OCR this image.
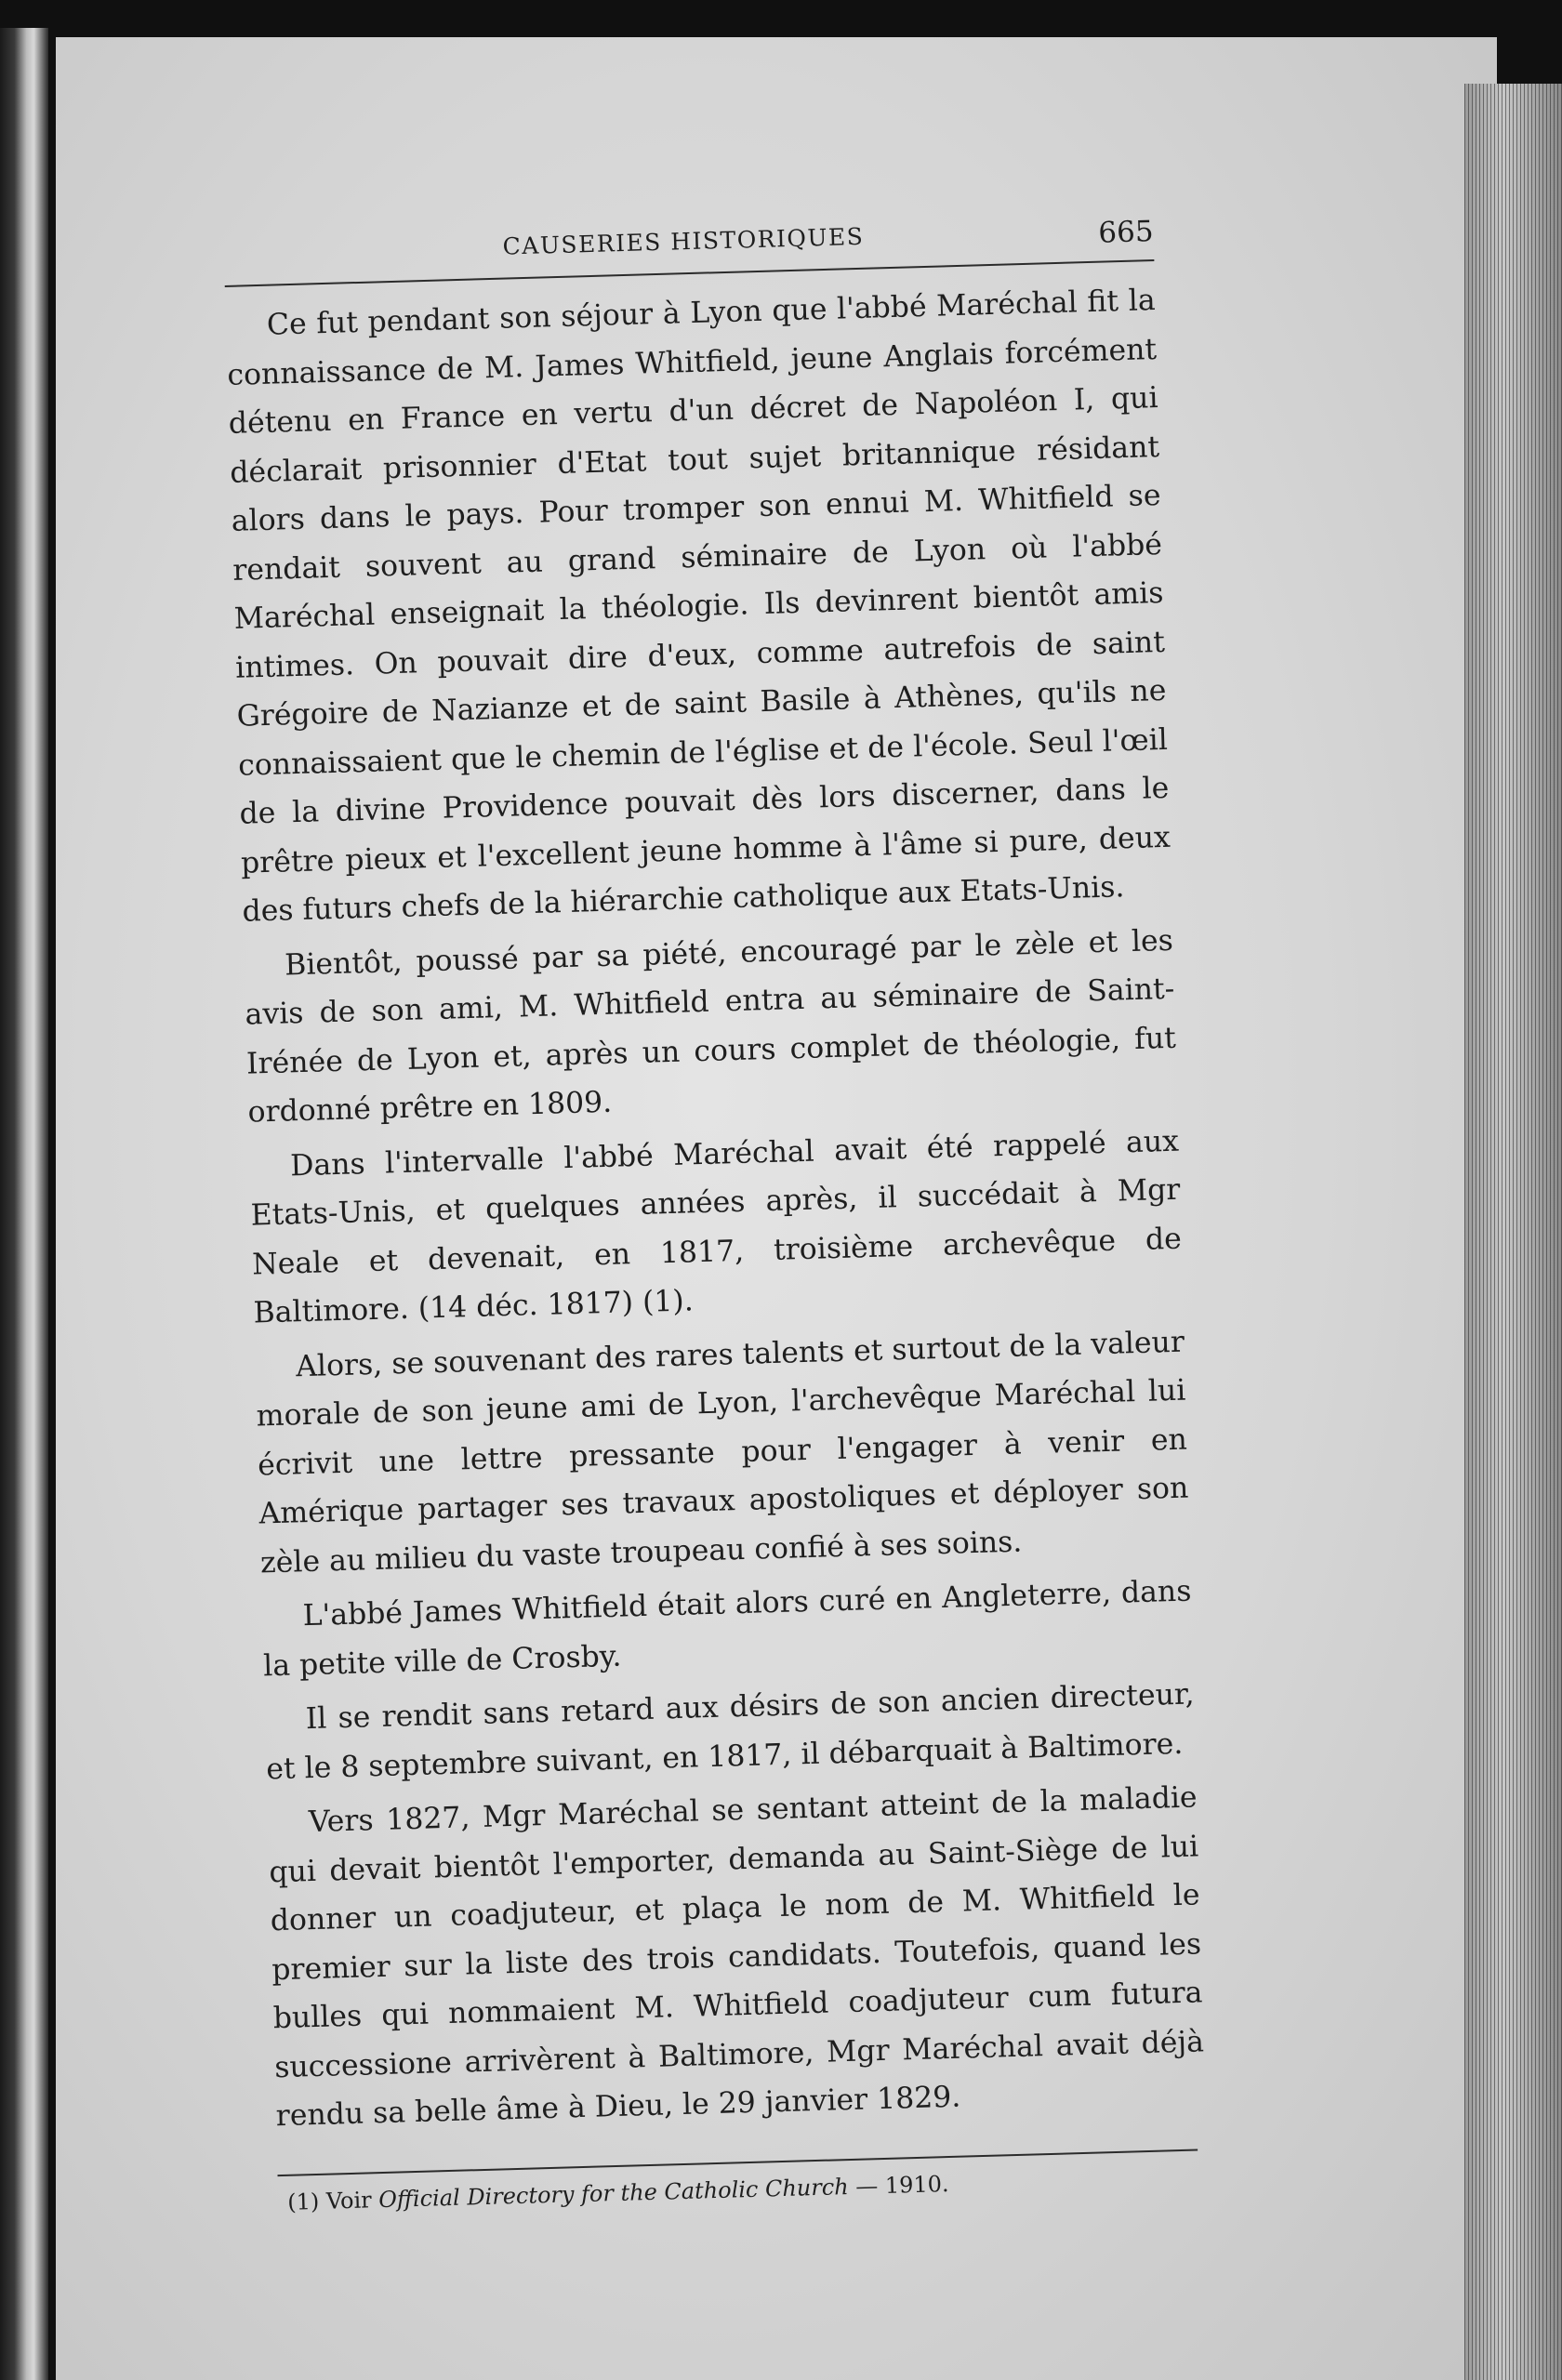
CAUSERIES HISTORIQUES	665

Ce fut pendant son séjour à Lyon que l'abbé Maréchal fit la connaissance de M. James Whitfield, jeune Anglais forcément détenu en France en vertu d'un décret de Napoléon I, qui déclarait prisonnier d'Etat tout sujet britannique résidant alors dans le pays. Pour tromper son ennui M. Whitfield se rendait souvent au grand séminaire de Lyon où l'abbé Maréchal enseignait la théologie. Ils devinrent bientôt amis intimes. On pouvait dire d'eux, comme autrefois de saint Grégoire de Nazianze et de saint Basile à Athènes, qu'ils ne connaissaient que le chemin de l'église et de l'école. Seul l'œil de la divine Providence pouvait dès lors discerner, dans le prêtre pieux et l'excellent jeune homme à l'âme si pure, deux des futurs chefs de la hiérarchie catholique aux Etats-Unis.

Bientôt, poussé par sa piété, encouragé par le zèle et les avis de son ami, M. Whitfield entra au séminaire de Saint-Irénée de Lyon et, après un cours complet de théologie, fut ordonné prêtre en 1809.

Dans l'intervalle l'abbé Maréchal avait été rappelé aux Etats-Unis, et quelques années après, il succédait à Mgr Neale et devenait, en 1817, troisième archevêque de Baltimore. (14 déc. 1817) (1).

Alors, se souvenant des rares talents et surtout de la valeur morale de son jeune ami de Lyon, l'archevêque Maréchal lui écrivit une lettre pressante pour l'engager à venir en Amérique partager ses travaux apostoliques et déployer son zèle au milieu du vaste troupeau confié à ses soins.

L'abbé James Whitfield était alors curé en Angleterre, dans la petite ville de Crosby.

Il se rendit sans retard aux désirs de son ancien directeur, et le 8 septembre suivant, en 1817, il débarquait à Baltimore.

Vers 1827, Mgr Maréchal se sentant atteint de la maladie qui devait bientôt l'emporter, demanda au Saint-Siège de lui donner un coadjuteur, et plaça le nom de M. Whitfield le premier sur la liste des trois candidats. Toutefois, quand les bulles qui nommaient M. Whitfield coadjuteur cum futura successione arrivèrent à Baltimore, Mgr Maréchal avait déjà rendu sa belle âme à Dieu, le 29 janvier 1829.

(1) Voir Official Directory for the Catholic Church — 1910.
